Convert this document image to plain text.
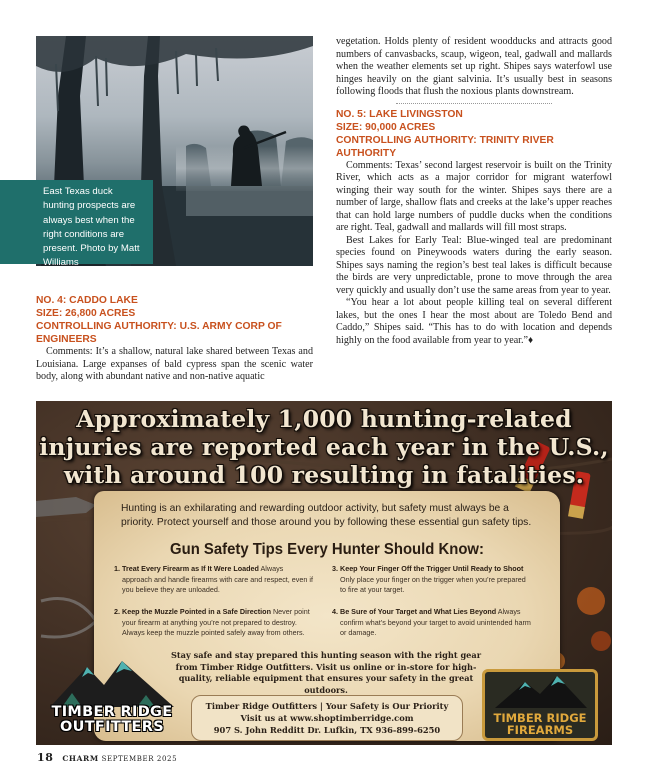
East Texas duck hunting prospects are always best when the right conditions are present. Photo by Matt Williams
NO. 4: CADDO LAKE
SIZE: 26,800 ACRES
CONTROLLING AUTHORITY: U.S. ARMY CORP OF ENGINEERS

Comments: It’s a shallow, natural lake shared between Texas and Louisiana. Large expanses of bald cypress span the scenic water body, along with abundant native and non-native aquatic

vegetation. Holds plenty of resident woodducks and attracts good numbers of canvasbacks, scaup, wigeon, teal, gadwall and mallards when the weather elements set up right. Shipes says waterfowl use hinges heavily on the giant salvinia. It’s usually best in seasons following floods that flush the noxious plants downstream.
NO. 5: LAKE LIVINGSTON
SIZE: 90,000 ACRES
CONTROLLING AUTHORITY: TRINITY RIVER AUTHORITY

Comments: Texas’ second largest reservoir is built on the Trinity River, which acts as a major corridor for migrant waterfowl winging their way south for the winter. Shipes says there are a number of large, shallow flats and creeks at the lake’s upper reaches that can hold large numbers of puddle ducks when the conditions are right. Teal, gadwall and mallards will fill most straps.

Best Lakes for Early Teal: Blue-winged teal are predominant species found on Pineywoods waters during the early season. Shipes says naming the region’s best teal lakes is difficult because the birds are very unpredictable, prone to move through the area very quickly and usually don’t use the same areas from year to year.

“You hear a lot about people killing teal on several different lakes, but the ones I hear the most about are Toledo Bend and Caddo,” Shipes said. “This has to do with location and depends highly on the food available from year to year.”♦

Approximately 1,000 hunting-related
injuries are reported each year in the U.S.,
with around 100 resulting in fatalities.
Hunting is an exhilarating and rewarding outdoor activity, but safety must always be a priority. Protect yourself and those around you by following these essential gun safety tips.
Gun Safety Tips Every Hunter Should Know:
1. Treat Every Firearm as If It Were Loaded Always approach and handle firearms with care and respect, even if you believe they are unloaded.
2. Keep the Muzzle Pointed in a Safe Direction Never point your firearm at anything you’re not prepared to destroy. Always keep the muzzle pointed safely away from others.
3. Keep Your Finger Off the Trigger Until Ready to Shoot Only place your finger on the trigger when you’re prepared to fire at your target.
4. Be Sure of Your Target and What Lies Beyond Always confirm what’s beyond your target to avoid unintended harm or damage.
Stay safe and stay prepared this hunting season with the right gear from Timber Ridge Outfitters. Visit us online or in-store for high-quality, reliable equipment that ensures your safety in the great outdoors.
Timber Ridge Outfitters | Your Safety is Our Priority
Visit us at www.shoptimberridge.com
907 S. John Redditt Dr. Lufkin, TX 936-899-6250
TIMBER RIDGE
OUTFITTERS
TIMBER RIDGE
FIREARMS
18 CHARM SEPTEMBER 2025
